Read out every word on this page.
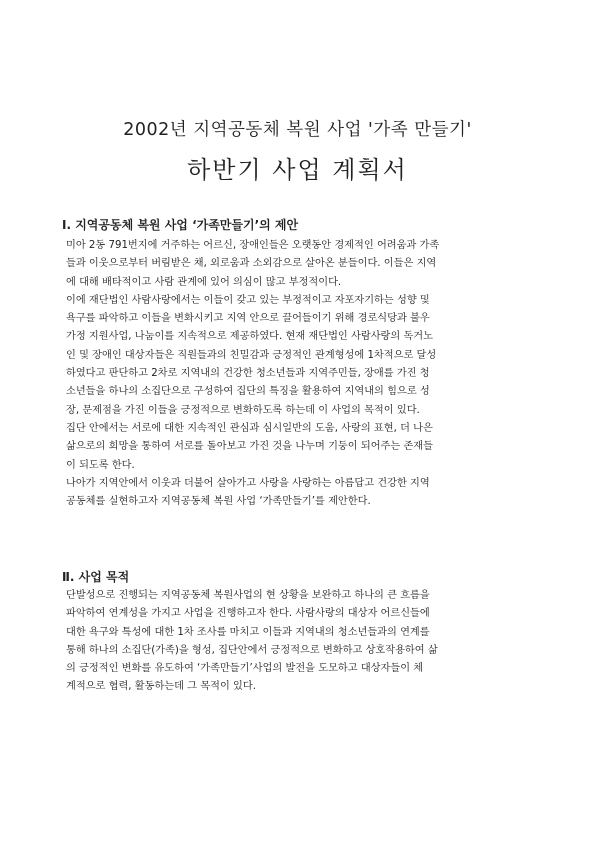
2002년 지역공동체 복원 사업 '가족 만들기'
하반기 사업 계획서
Ⅰ. 지역공동체 복원 사업 ‘가족만들기’의 제안
미아 2동 791번지에 거주하는 어르신, 장애인들은 오랫동안 경제적인 어려움과 가족
들과 이웃으로부터 버림받은 채, 외로움과 소외감으로 살아온 분들이다. 이들은 지역
에 대해 배타적이고 사람 관계에 있어 의심이 많고 부정적이다.
이에 재단법인 사람사랑에서는 이들이 갖고 있는 부정적이고 자포자기하는 성향 및
욕구를 파악하고 이들을 변화시키고 지역 안으로 끌어들이기 위해 경로식당과 불우
가정 지원사업, 나눔이를 지속적으로 제공하였다. 현재 재단법인 사람사랑의 독거노
인 및 장애인 대상자들은 직원들과의 친밀감과 긍정적인 관계형성에 1차적으로 달성
하였다고 판단하고 2차로 지역내의 건강한 청소년들과 지역주민들, 장애를 가진 청
소년들을 하나의 소집단으로 구성하여 집단의 특징을 활용하여 지역내의 힘으로 성
장, 문제점을 가진 이들을 긍정적으로 변화하도록 하는데 이 사업의 목적이 있다.
집단 안에서는 서로에 대한 지속적인 관심과 심시일반의 도움, 사랑의 표현, 더 나은
삶으로의 희망을 통하여 서로를 돌아보고 가진 것을 나누며 기둥이 되어주는 존재들
이 되도록 한다.
나아가 지역안에서 이웃과 더불어 살아가고 사랑을 사랑하는 아름답고 건강한 지역
공동체를 실현하고자 지역공동체 복원 사업 ‘가족만들기’를 제안한다.
Ⅱ. 사업 목적
단발성으로 진행되는 지역공동체 복원사업의 현 상황을 보완하고 하나의 큰 흐름을
파악하여 연계성을 가지고 사업을 진행하고자 한다. 사람사랑의 대상자 어르신들에
대한 욕구와 특성에 대한 1차 조사를 마치고 이들과 지역내의 청소년들과의 연계를
통해 하나의 소집단(가족)을 형성, 집단안에서 긍정적으로 변화하고 상호작용하여 삶
의 긍정적인 변화를 유도하여 ‘가족만들기’사업의 발전을 도모하고 대상자들이 체
계적으로 협력, 활동하는데 그 목적이 있다.
